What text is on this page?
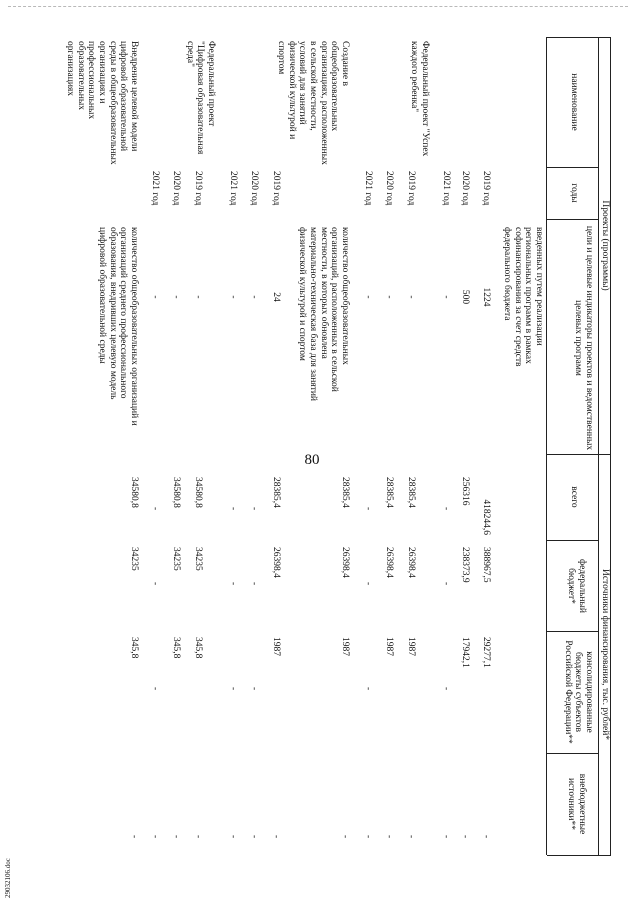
80
29032106.doc
Проекты (программы)
Источники финансирования, тыс. рублей*
наименование
годы
цели и целевые индикаторы проектов и ведомственных целевых программ
всего
федеральный бюджет*
консолидированные бюджеты субъектов Российской Федерации**
внебюджетные источники**
введенных путем реализации региональных программ в рамках софинансирования за счет средств федерального бюджета
2019 год
1224
418244,6
388967,5
29277,1
-
2020 год
500
256316
238373,9
17942,1
-
2021 год
-
-
-
-
-
Федеральный проект "Успех каждого ребенка"
2019 год
-
28385,4
26398,4
1987
-
2020 год
-
28385,4
26398,4
1987
-
2021 год
-
-
-
-
-
Создание в общеобразовательных организациях, расположенных в сельской местности, условий для занятий физической культурой и спортом
количество общеобразовательных организаций, расположенных в сельской местности, в которых обновлена материально-техническая база для занятий физической культурой и спортом
28385,4
26398,4
1987
-
2019 год
24
28385,4
26398,4
1987
-
2020 год
-
-
-
-
-
2021 год
-
-
-
-
-
Федеральный проект "Цифровая образовательная среда"
2019 год
-
34580,8
34235
345,8
-
2020 год
-
34580,8
34235
345,8
-
2021 год
-
-
-
-
-
Внедрение целевой модели цифровой образовательной среды в общеобразовательных организациях и профессиональных образовательных организациях
количество общеобразовательных организаций и организаций среднего профессионального образования, внедривших целевую модель цифровой образовательной среды
34580,8
34235
345,8
-
